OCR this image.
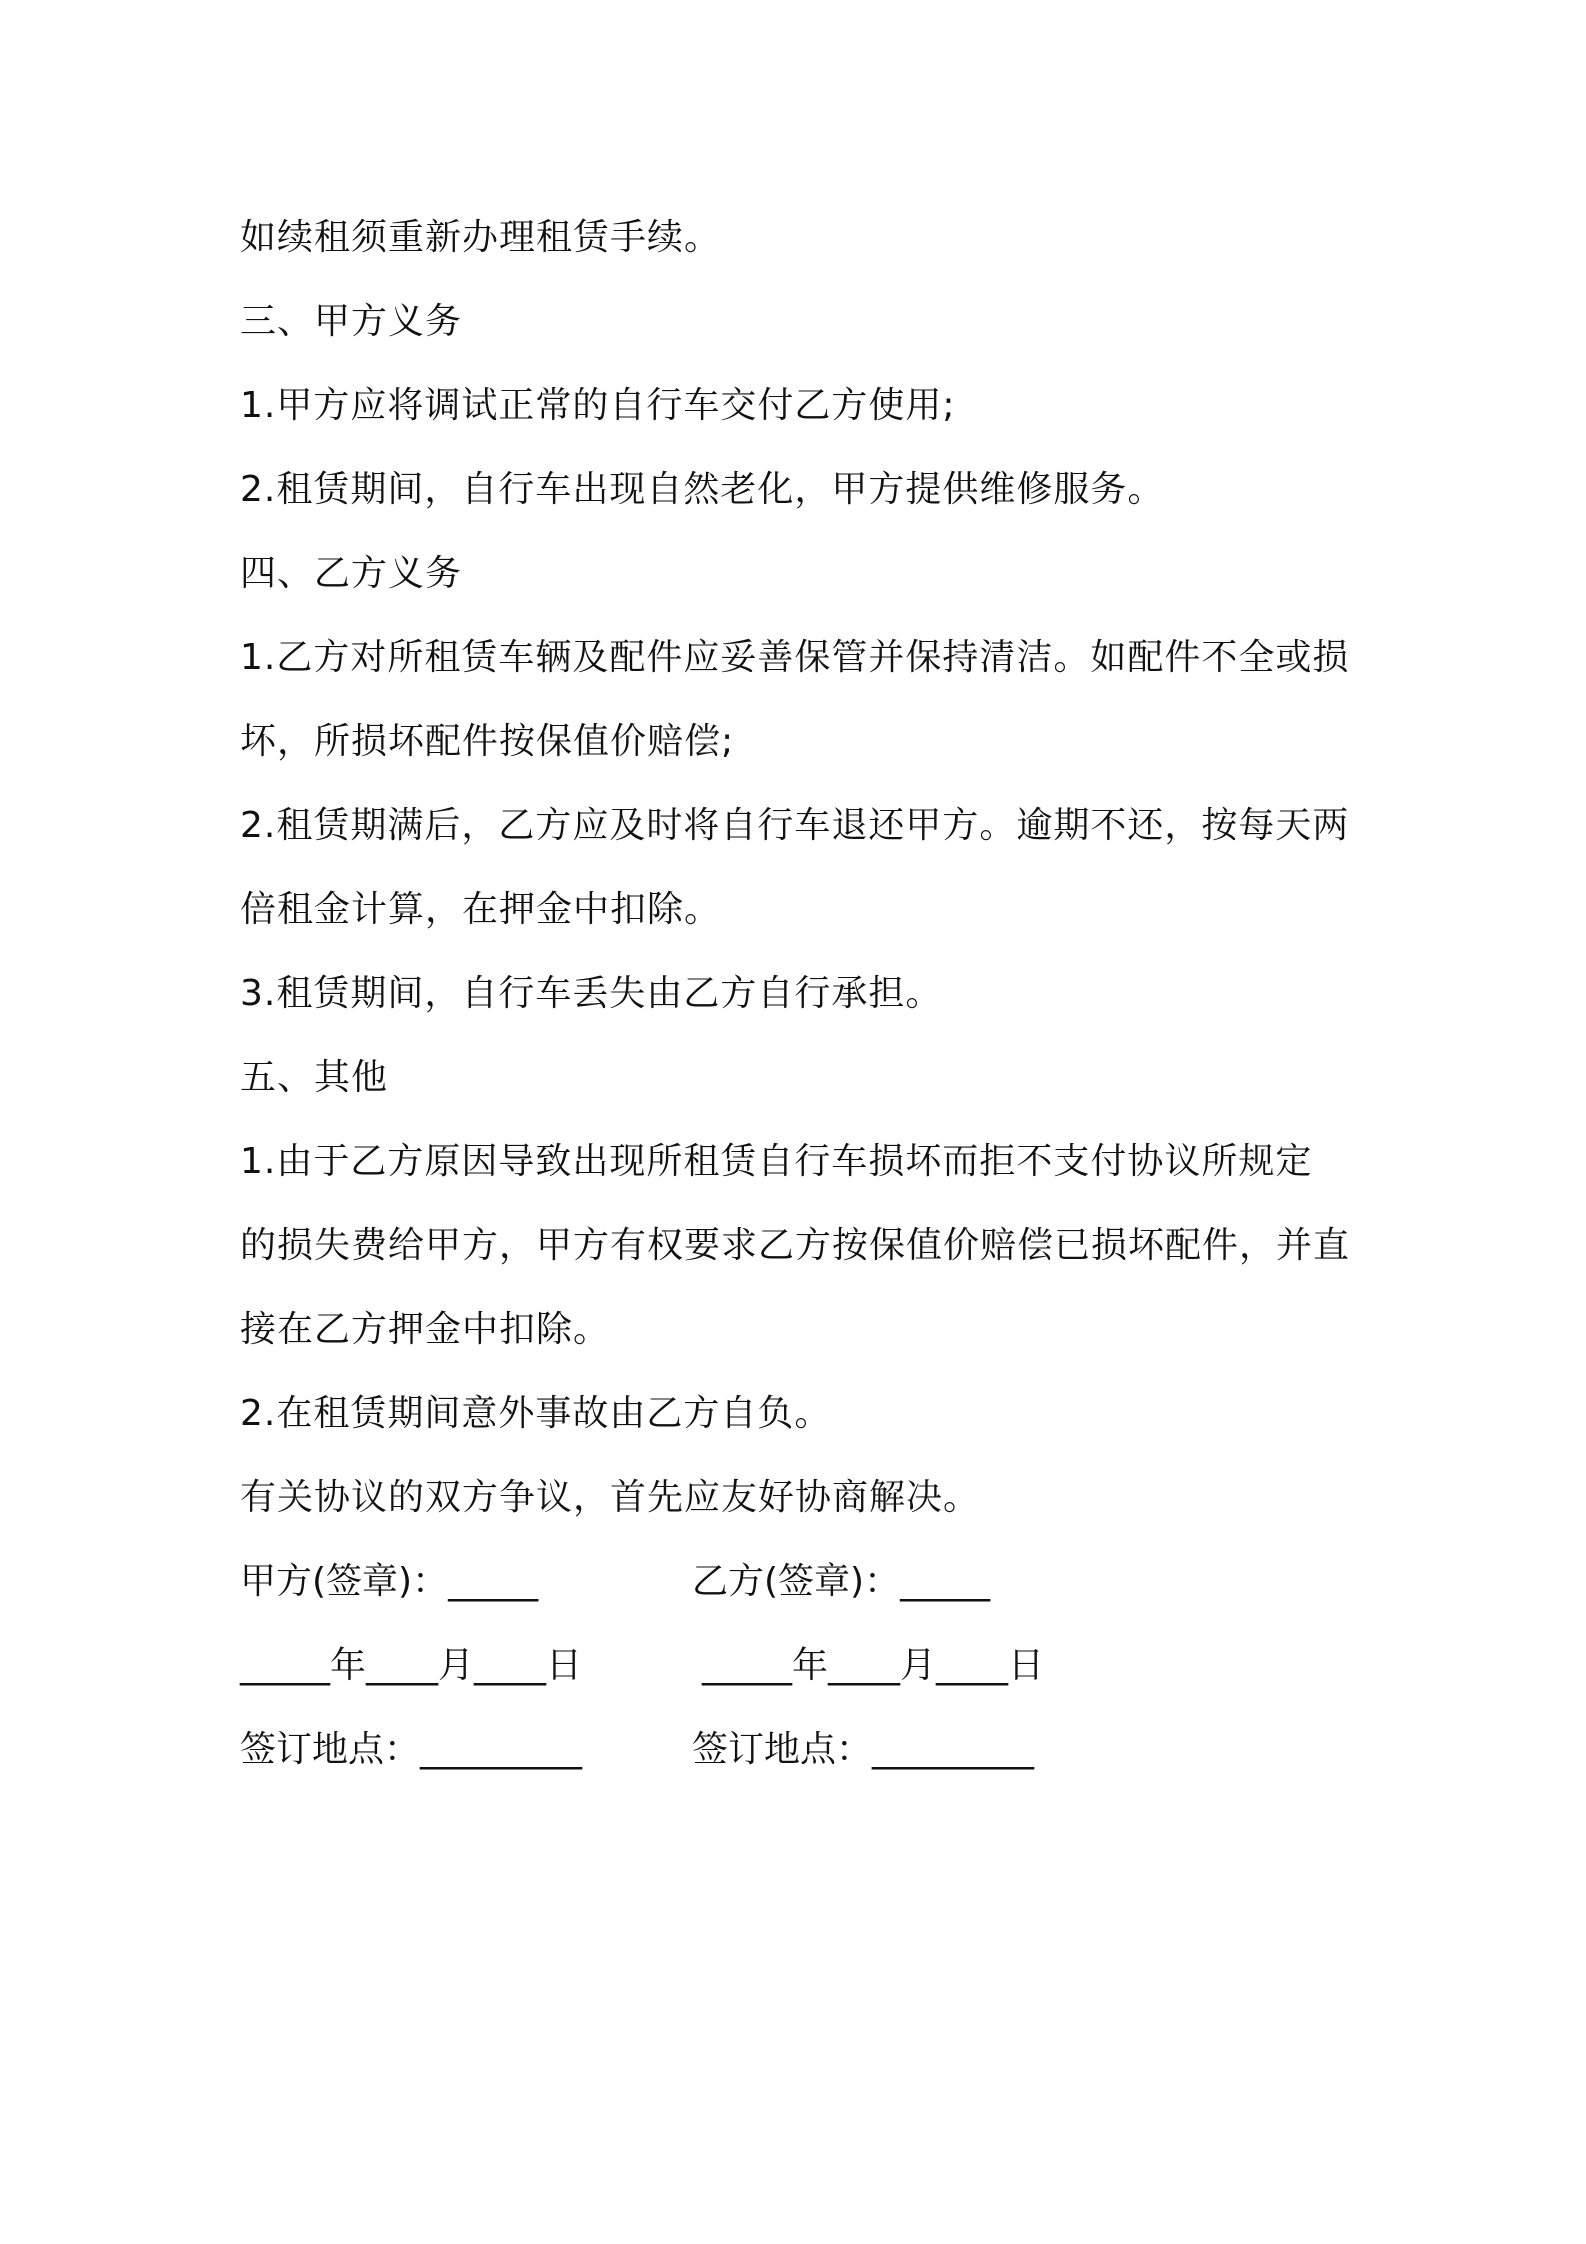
如续租须重新办理租赁手续。
三、甲方义务
1.甲方应将调试正常的自行车交付乙方使用;
2.租赁期间，自行车出现自然老化，甲方提供维修服务。
四、乙方义务
1.乙方对所租赁车辆及配件应妥善保管并保持清洁。如配件不全或损
坏，所损坏配件按保值价赔偿;
2.租赁期满后，乙方应及时将自行车退还甲方。逾期不还，按每天两
倍租金计算，在押金中扣除。
3.租赁期间，自行车丢失由乙方自行承担。
五、其他
1.由于乙方原因导致出现所租赁自行车损坏而拒不支付协议所规定
的损失费给甲方，甲方有权要求乙方按保值价赔偿已损坏配件，并直
接在乙方押金中扣除。
2.在租赁期间意外事故由乙方自负。
有关协议的双方争议，首先应友好协商解决。
甲方(签章)：_____	乙方(签章)：_____
_____年____月____日	_____年____月____日
签订地点：_________	签订地点：_________
